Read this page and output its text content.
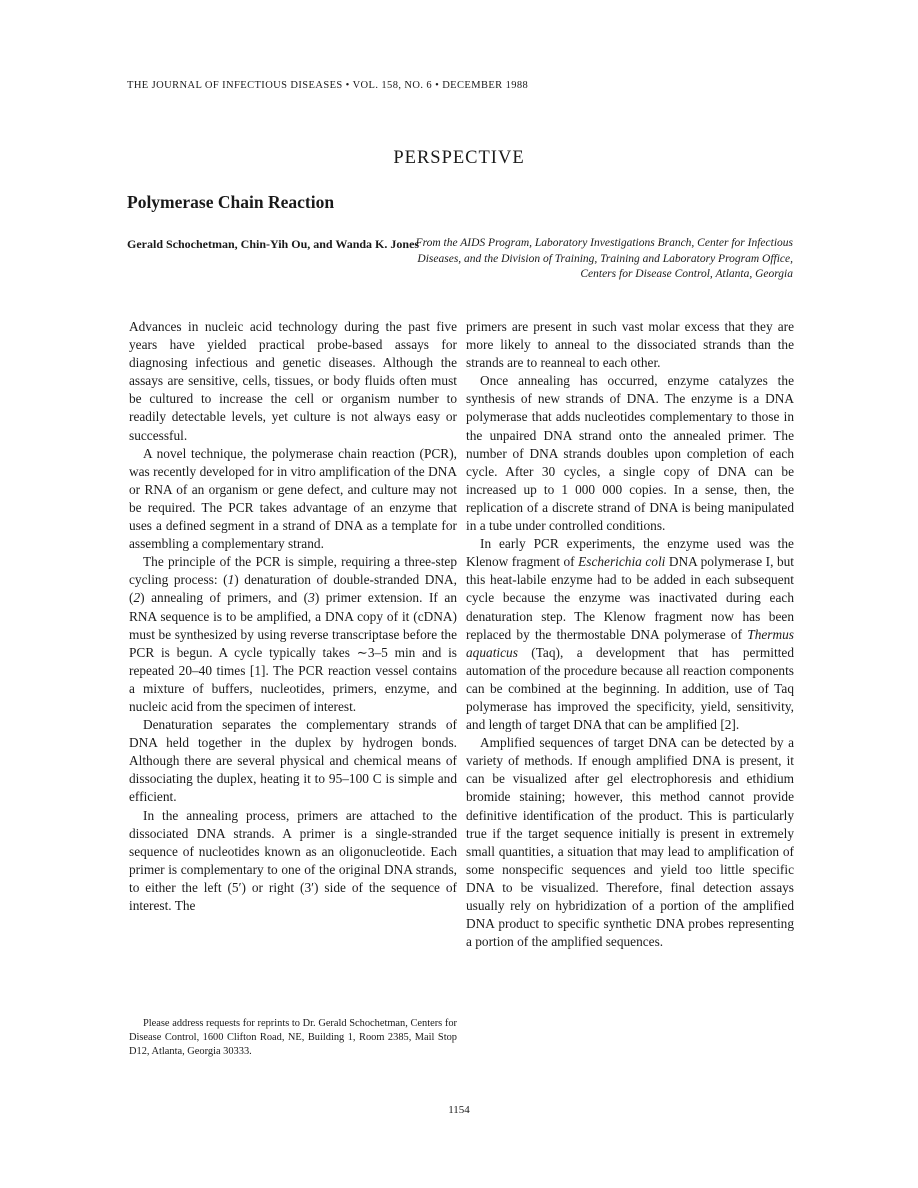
THE JOURNAL OF INFECTIOUS DISEASES • VOL. 158, NO. 6 • DECEMBER 1988
PERSPECTIVE
Polymerase Chain Reaction
Gerald Schochetman, Chin-Yih Ou, and Wanda K. Jones
From the AIDS Program, Laboratory Investigations Branch, Center for Infectious Diseases, and the Division of Training, Training and Laboratory Program Office, Centers for Disease Control, Atlanta, Georgia

Advances in nucleic acid technology during the past five years have yielded practical probe-based assays for diagnosing infectious and genetic diseases. Although the assays are sensitive, cells, tissues, or body fluids often must be cultured to increase the cell or organism number to readily detectable levels, yet culture is not always easy or successful.

A novel technique, the polymerase chain reaction (PCR), was recently developed for in vitro amplification of the DNA or RNA of an organism or gene defect, and culture may not be required. The PCR takes advantage of an enzyme that uses a defined segment in a strand of DNA as a template for assembling a complementary strand.

The principle of the PCR is simple, requiring a three-step cycling process: (1) denaturation of double-stranded DNA, (2) annealing of primers, and (3) primer extension. If an RNA sequence is to be amplified, a DNA copy of it (cDNA) must be synthesized by using reverse transcriptase before the PCR is begun. A cycle typically takes ∼3–5 min and is repeated 20–40 times [1]. The PCR reaction vessel contains a mixture of buffers, nucleotides, primers, enzyme, and nucleic acid from the specimen of interest.

Denaturation separates the complementary strands of DNA held together in the duplex by hydrogen bonds. Although there are several physical and chemical means of dissociating the duplex, heating it to 95–100 C is simple and efficient.

In the annealing process, primers are attached to the dissociated DNA strands. A primer is a single-stranded sequence of nucleotides known as an oligonucleotide. Each primer is complementary to one of the original DNA strands, to either the left (5′) or right (3′) side of the sequence of interest. The

Please address requests for reprints to Dr. Gerald Schochetman, Centers for Disease Control, 1600 Clifton Road, NE, Building 1, Room 2385, Mail Stop D12, Atlanta, Georgia 30333.

primers are present in such vast molar excess that they are more likely to anneal to the dissociated strands than the strands are to reanneal to each other.

Once annealing has occurred, enzyme catalyzes the synthesis of new strands of DNA. The enzyme is a DNA polymerase that adds nucleotides complementary to those in the unpaired DNA strand onto the annealed primer. The number of DNA strands doubles upon completion of each cycle. After 30 cycles, a single copy of DNA can be increased up to 1 000 000 copies. In a sense, then, the replication of a discrete strand of DNA is being manipulated in a tube under controlled conditions.

In early PCR experiments, the enzyme used was the Klenow fragment of Escherichia coli DNA polymerase I, but this heat-labile enzyme had to be added in each subsequent cycle because the enzyme was inactivated during each denaturation step. The Klenow fragment now has been replaced by the thermostable DNA polymerase of Thermus aquaticus (Taq), a development that has permitted automation of the procedure because all reaction components can be combined at the beginning. In addition, use of Taq polymerase has improved the specificity, yield, sensitivity, and length of target DNA that can be amplified [2].

Amplified sequences of target DNA can be detected by a variety of methods. If enough amplified DNA is present, it can be visualized after gel electrophoresis and ethidium bromide staining; however, this method cannot provide definitive identification of the product. This is particularly true if the target sequence initially is present in extremely small quantities, a situation that may lead to amplification of some nonspecific sequences and yield too little specific DNA to be visualized. Therefore, final detection assays usually rely on hybridization of a portion of the amplified DNA product to specific synthetic DNA probes representing a portion of the amplified sequences.

1154
